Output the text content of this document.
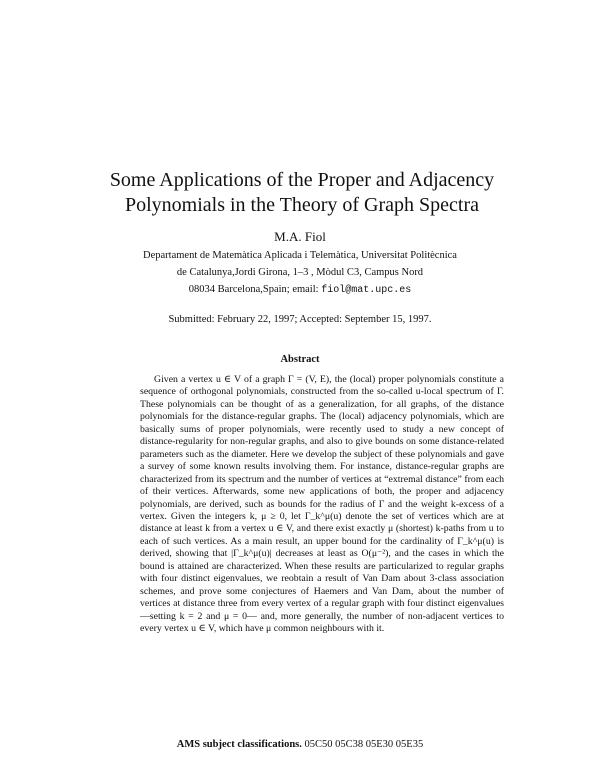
Some Applications of the Proper and Adjacency Polynomials in the Theory of Graph Spectra
M.A. Fiol
Departament de Matemàtica Aplicada i Telemàtica, Universitat Politècnica
de Catalunya,Jordi Girona, 1–3 , Mòdul C3, Campus Nord
08034 Barcelona,Spain; email: fiol@mat.upc.es
Submitted: February 22, 1997; Accepted: September 15, 1997.
Abstract

Given a vertex u ∈ V of a graph Γ = (V, E), the (local) proper polynomials constitute a sequence of orthogonal polynomials, constructed from the so-called u-local spectrum of Γ. These polynomials can be thought of as a generalization, for all graphs, of the distance polynomials for the distance-regular graphs. The (local) adjacency polynomials, which are basically sums of proper polynomials, were recently used to study a new concept of distance-regularity for non-regular graphs, and also to give bounds on some distance-related parameters such as the diameter. Here we develop the subject of these polynomials and gave a survey of some known results involving them. For instance, distance-regular graphs are characterized from its spectrum and the number of vertices at “extremal distance” from each of their vertices. Afterwards, some new applications of both, the proper and adjacency polynomials, are derived, such as bounds for the radius of Γ and the weight k-excess of a vertex. Given the integers k, μ ≥ 0, let Γ_k^μ(u) denote the set of vertices which are at distance at least k from a vertex u ∈ V, and there exist exactly μ (shortest) k-paths from u to each of such vertices. As a main result, an upper bound for the cardinality of Γ_k^μ(u) is derived, showing that |Γ_k^μ(u)| decreases at least as O(μ⁻²), and the cases in which the bound is attained are characterized. When these results are particularized to regular graphs with four distinct eigenvalues, we reobtain a result of Van Dam about 3-class association schemes, and prove some conjectures of Haemers and Van Dam, about the number of vertices at distance three from every vertex of a regular graph with four distinct eigenvalues —setting k = 2 and μ = 0— and, more generally, the number of non-adjacent vertices to every vertex u ∈ V, which have μ common neighbours with it.

AMS subject classifications. 05C50 05C38 05E30 05E35
